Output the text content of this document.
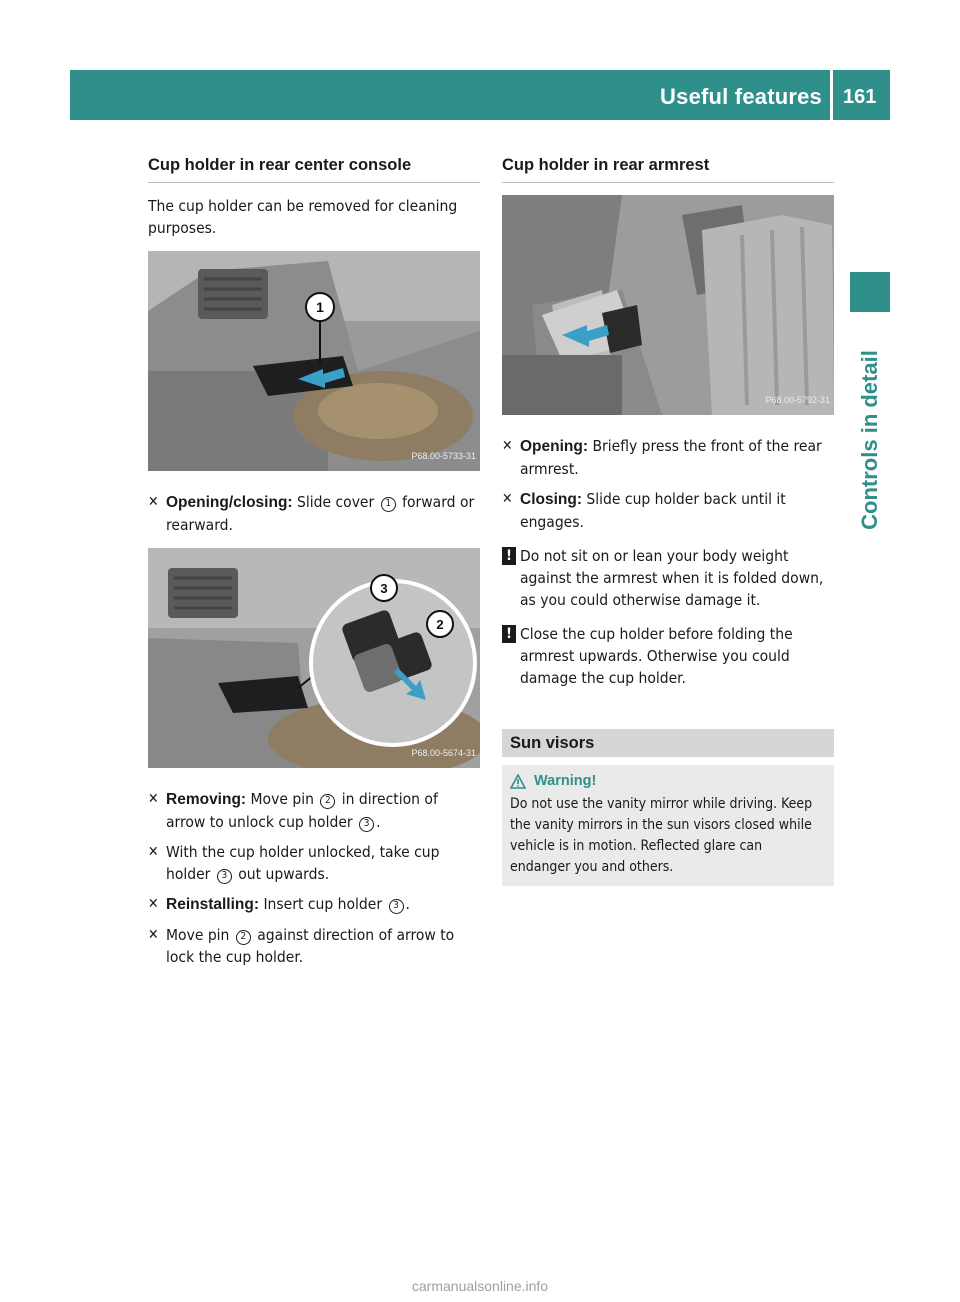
Useful features 161
Controls in detail
Cup holder in rear center console

The cup holder can be removed for cleaning purposes.

1
P68.00-5733-31
✕ Opening/closing: Slide cover 1 forward or rearward.
3
2
P68.00-5674-31
✕ Removing: Move pin 2 in direction of arrow to unlock cup holder 3 .
✕ With the cup holder unlocked, take cup holder 3 out upwards.
✕ Reinstalling: Insert cup holder 3 .
✕ Move pin 2 against direction of arrow to lock the cup holder.
Cup holder in rear armrest
P68.00-5792-31
✕ Opening: Briefly press the front of the rear armrest.
✕ Closing: Slide cup holder back until it engages.
! Do not sit on or lean your body weight against the armrest when it is folded down, as you could otherwise damage it.
! Close the cup holder before folding the armrest upwards. Otherwise you could damage the cup holder.
Sun visors
Warning!
Do not use the vanity mirror while driving. Keep the vanity mirrors in the sun visors closed while vehicle is in motion. Reflected glare can endanger you and others.
carmanualsonline.info
